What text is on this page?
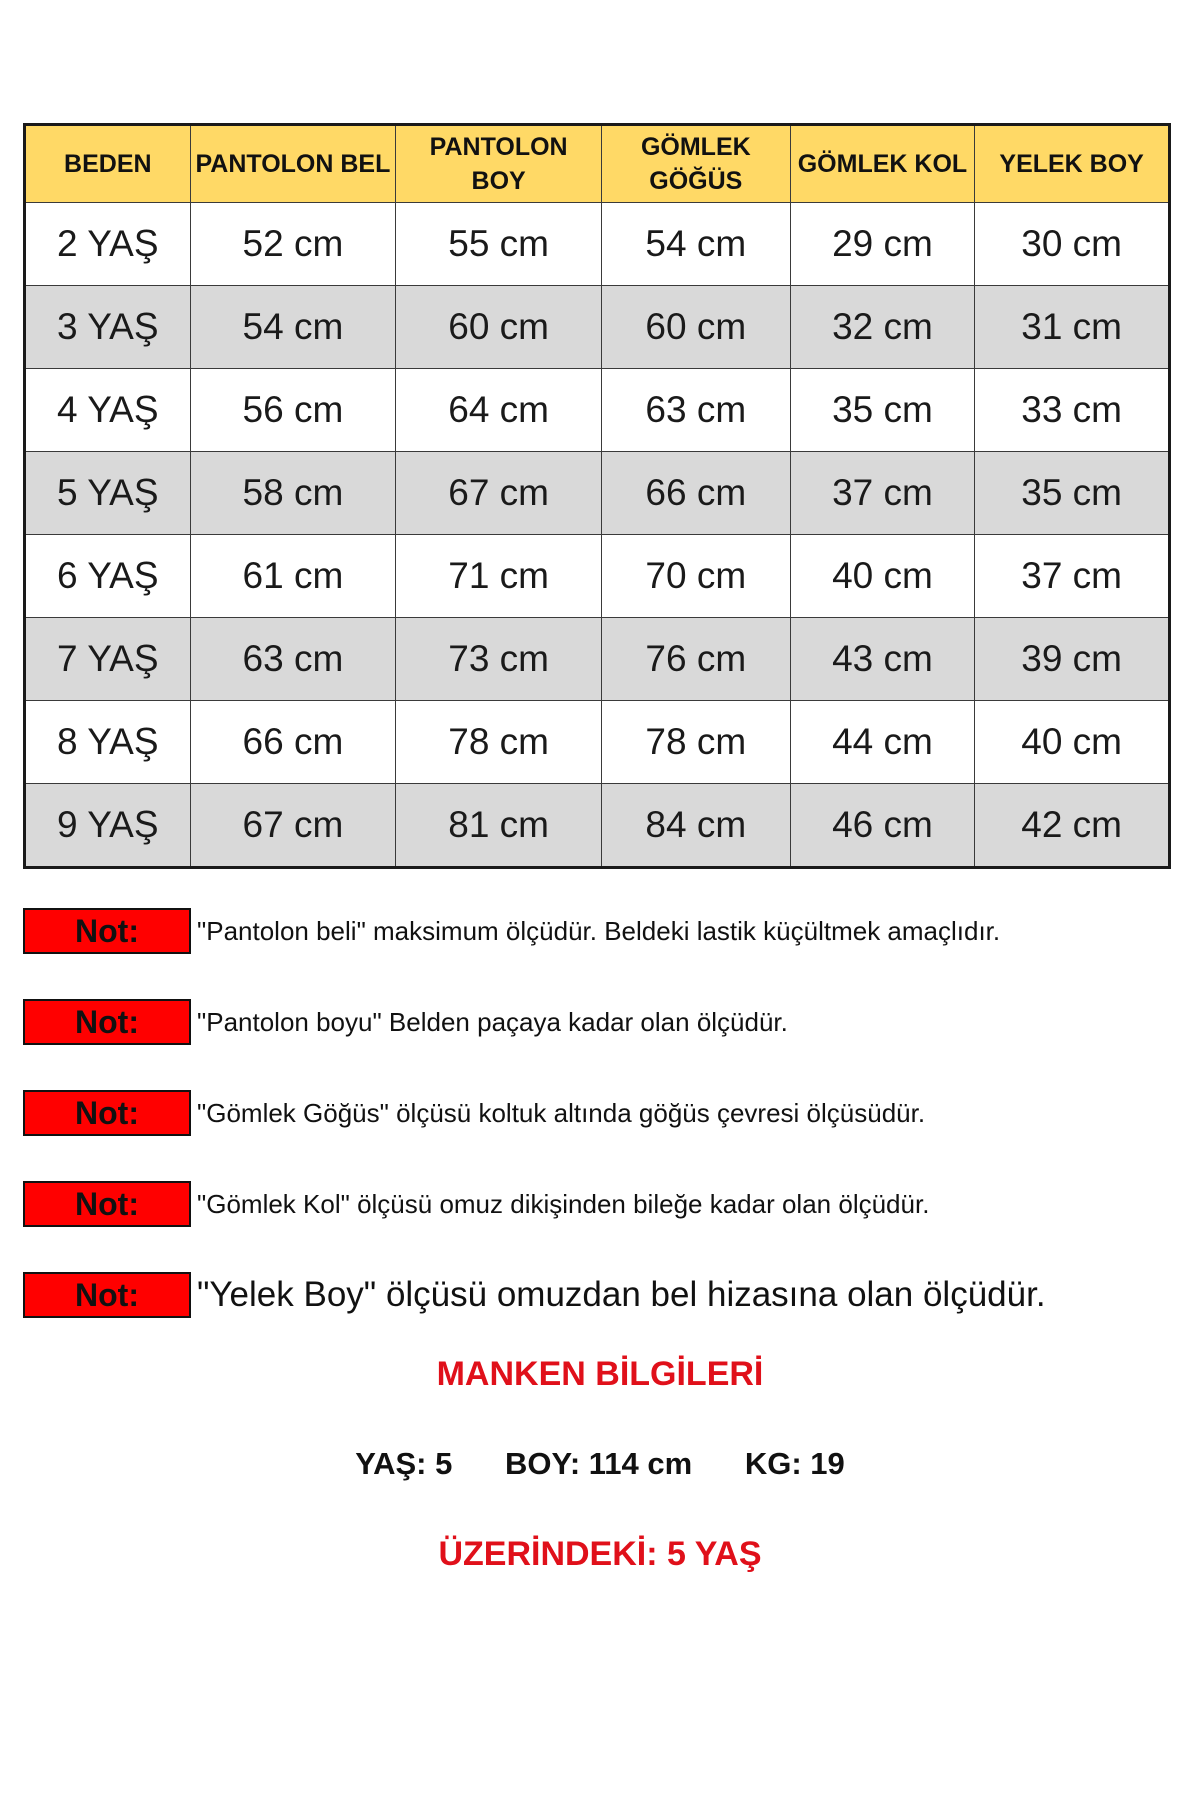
BEDEN	PANTOLON BEL	PANTOLON BOY	GÖMLEK GÖĞÜS	GÖMLEK KOL	YELEK BOY
2 YAŞ	52 cm	55 cm	54 cm	29 cm	30 cm
3 YAŞ	54 cm	60 cm	60 cm	32 cm	31 cm
4 YAŞ	56 cm	64 cm	63 cm	35 cm	33 cm
5 YAŞ	58 cm	67 cm	66 cm	37 cm	35 cm
6 YAŞ	61 cm	71 cm	70 cm	40 cm	37 cm
7 YAŞ	63 cm	73 cm	76 cm	43 cm	39 cm
8 YAŞ	66 cm	78 cm	78 cm	44 cm	40 cm
9 YAŞ	67 cm	81 cm	84 cm	46 cm	42 cm
Not:	"Pantolon beli" maksimum ölçüdür. Beldeki lastik küçültmek amaçlıdır.
Not:	"Pantolon boyu" Belden paçaya kadar olan ölçüdür.
Not:	"Gömlek Göğüs" ölçüsü koltuk altında göğüs çevresi ölçüsüdür.
Not:	"Gömlek Kol" ölçüsü omuz dikişinden bileğe kadar olan ölçüdür.
Not:	"Yelek Boy" ölçüsü omuzdan bel hizasına olan ölçüdür.
MANKEN BİLGİLERİ
YAŞ: 5 BOY: 114 cm KG: 19
ÜZERİNDEKİ: 5 YAŞ
